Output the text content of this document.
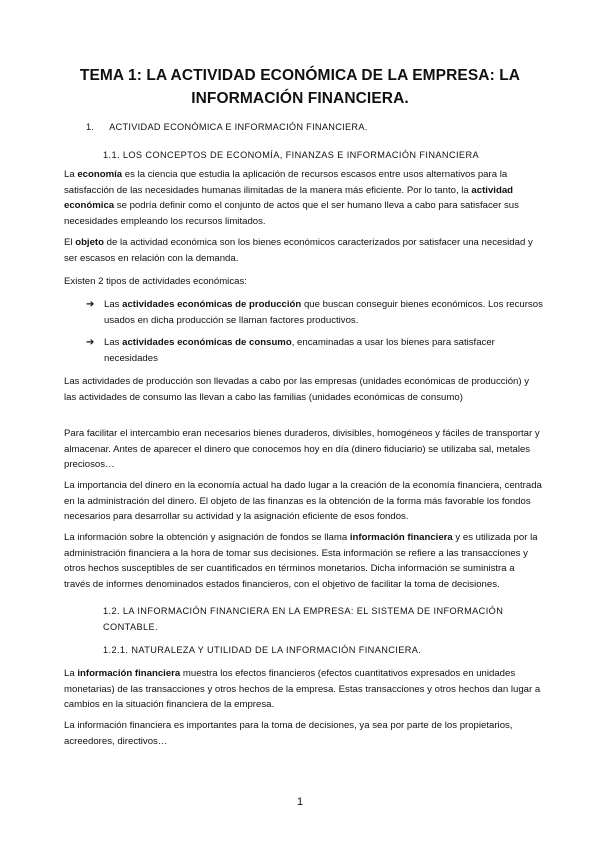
TEMA 1: LA ACTIVIDAD ECONÓMICA DE LA EMPRESA: LA INFORMACIÓN FINANCIERA.
1. ACTIVIDAD ECONÓMICA E INFORMACIÓN FINANCIERA.
1.1. LOS CONCEPTOS DE ECONOMÍA, FINANZAS E INFORMACIÓN FINANCIERA

La economía es la ciencia que estudia la aplicación de recursos escasos entre usos alternativos para la satisfacción de las necesidades humanas ilimitadas de la manera más eficiente. Por lo tanto, la actividad económica se podría definir como el conjunto de actos que el ser humano lleva a cabo para satisfacer sus necesidades empleando los recursos limitados.

El objeto de la actividad económica son los bienes económicos caracterizados por satisfacer una necesidad y ser escasos en relación con la demanda.

Existen 2 tipos de actividades económicas:

➔ Las actividades económicas de producción que buscan conseguir bienes económicos. Los recursos usados en dicha producción se llaman factores productivos.
➔ Las actividades económicas de consumo, encaminadas a usar los bienes para satisfacer necesidades

Las actividades de producción son llevadas a cabo por las empresas (unidades económicas de producción) y las actividades de consumo las llevan a cabo las familias (unidades económicas de consumo)

Para facilitar el intercambio eran necesarios bienes duraderos, divisibles, homogéneos y fáciles de transportar y almacenar. Antes de aparecer el dinero que conocemos hoy en día (dinero fiduciario) se utilizaba sal, metales preciosos…

La importancia del dinero en la economía actual ha dado lugar a la creación de la economía financiera, centrada en la administración del dinero. El objeto de las finanzas es la obtención de la forma más favorable los fondos necesarios para desarrollar su actividad y la asignación eficiente de esos fondos.

La información sobre la obtención y asignación de fondos se llama información financiera y es utilizada por la administración financiera a la hora de tomar sus decisiones. Esta información se refiere a las transacciones y otros hechos susceptibles de ser cuantificados en términos monetarios. Dicha información se suministra a través de informes denominados estados financieros, con el objetivo de facilitar la toma de decisiones.

1.2. LA INFORMACIÓN FINANCIERA EN LA EMPRESA: EL SISTEMA DE INFORMACIÓN CONTABLE.
1.2.1. NATURALEZA Y UTILIDAD DE LA INFORMACIÓN FINANCIERA.

La información financiera muestra los efectos financieros (efectos cuantitativos expresados en unidades monetarias) de las transacciones y otros hechos de la empresa. Estas transacciones y otros hechos dan lugar a cambios en la situación financiera de la empresa.

La información financiera es importantes para la toma de decisiones, ya sea por parte de los propietarios, acreedores, directivos…

1
